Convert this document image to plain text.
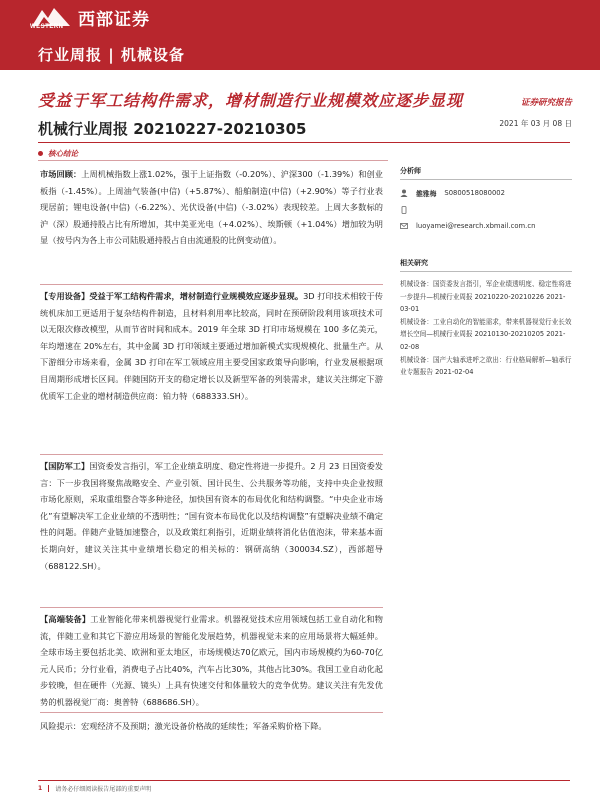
WESTERN 西部证券
行业周报 | 机械设备
受益于军工结构件需求，增材制造行业规模效应逐步显现	证券研究报告
机械行业周报 20210227-20210305	2021 年 03 月 08 日
核心结论

市场回顾：上周机械指数上涨1.02%，强于上证指数（-0.20%）、沪深300（-1.39%）和创业板指（-1.45%）。上周油气装备(中信)（+5.87%）、船舶制造(中信)（+2.90%）等子行业表现居前；锂电设备(中信)（-6.22%）、光伏设备(中信)（-3.02%）表现较差。上周大多数标的沪（深）股通持股占比有所增加，其中美亚光电（+4.02%）、埃斯顿（+1.04%）增加较为明显（按号内为各上市公司陆股通持股占自由流通股的比例变动值）。

【专用设备】受益于军工结构件需求，增材制造行业规模效应逐步显现。3D 打印技术相较于传统机床加工更适用于复杂结构件制造，且材料利用率比较高，同时在预研阶段利用该项技术可以无限次修改模型，从而节省时间和成本。2019 年全球 3D 打印市场规模在 100 多亿美元，年均增速在 20%左右，其中金属 3D 打印领域主要通过增加新模式实现规模化、批量生产。从下游细分市场来看，金属 3D 打印在军工领域应用主要受国家政策导向影响，行业发展根据项目周期形成增长区间。伴随国防开支的稳定增长以及新型军备的列装需求，建议关注绑定下游优质军工企业的增材制造供应商：铂力特（688333.SH）。

【国防军工】国资委发言指引，军工企业绩효明度、稳定性将进一步提升。2 月 23 日国资委发言：下一步我国将聚焦战略安全、产业引领、国计民生、公共服务等功能，支持中央企业按照市场化原则，采取重组整合等多种途径，加快国有资本的布局优化和结构调整。“中央企业市场化”有望解决军工企业业绩的不透明性；“国有资本布局优化以及结构调整”有望解决业绩不确定性的问题。伴随产业链加速整合，以及政策红利指引，近期业绩将消化估值泡沫，带来基本面长期向好，建议关注其中业绩增长稳定的相关标的：钢研高纳（300034.SZ），西部超导（688122.SH）。

【高端装备】工业智能化带来机器视觉行业需求。机器视觉技术应用领域包括工业自动化和物流，伴随工业和其它下游应用场景的智能化发展趋势，机器视觉未来的应用场景将大幅延伸。全球市场主要包括北美、欧洲和亚太地区，市场规模达70亿欧元，国内市场规模约为60-70亿元人民币；分行业看，消费电子占比40%，汽车占比30%，其他占比30%。我国工业自动化起步较晚，但在硬件（光源、镜头）上具有快速交付和体量较大的竞争优势。建议关注有先发优势的机器视觉厂商：奥普特（688686.SH）。

风险提示：宏观经济不及预期；激光设备价格战的延续性；军备采购价格下降。

分析师
雒雅梅 S0800518080002
luoyamei@research.xbmail.com.cn
相关研究
机械设备：国资委发言指引，军企业绩透明度、稳定性将进一步提升—机械行业周报 20210220-20210226 2021-03-01
机械设备：工业自动化的智能需求，带来机器视觉行业长效增长空间—机械行业周报 20210130-20210205 2021-02-08
机械设备：国产大轴承进呼之欲出：行业格局解析—轴承行业专题报告 2021-02-04
1 请务必仔细阅读报告尾部的重要声明
